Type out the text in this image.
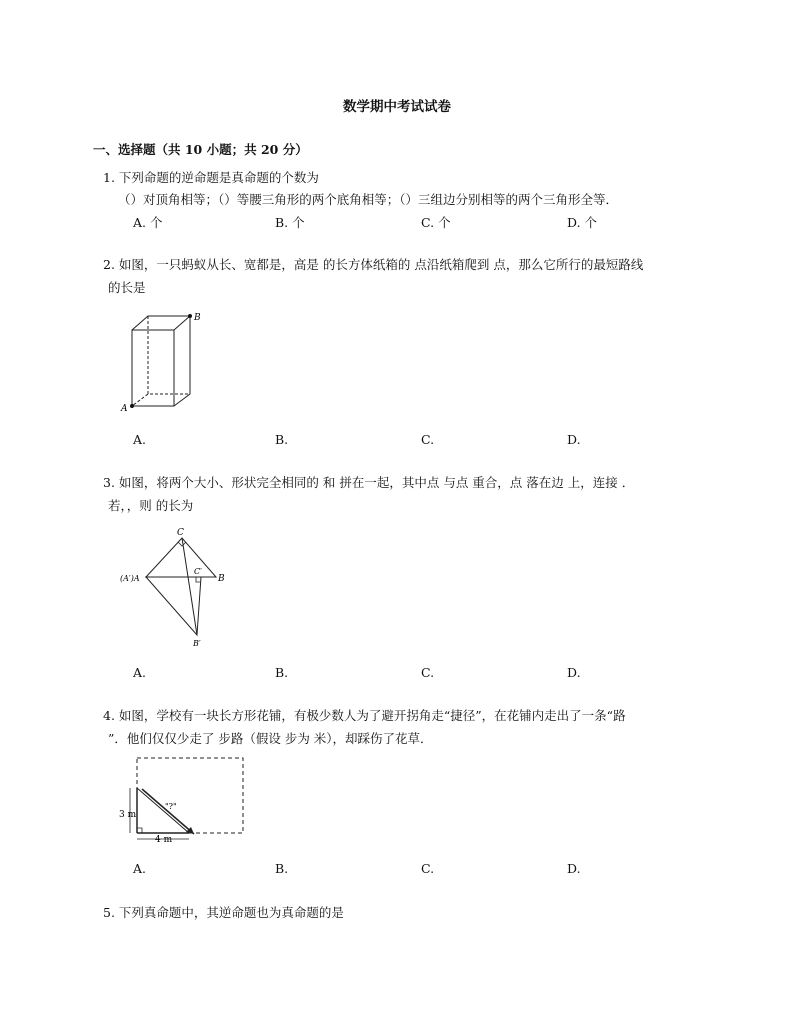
数学期中考试试卷
一、选择题（共 10 小题；共 20 分）
1. 下列命题的逆命题是真命题的个数为
（）对顶角相等；（）等腰三角形的两个底角相等；（）三组边分别相等的两个三角形全等．
A. 个	B. 个	C. 个	D. 个
2. 如图，一只蚂蚁从长、宽都是，高是 的长方体纸箱的 点沿纸箱爬到 点，那么它所行的最短路线
的长是
B
A
A.	B.	C.	D.
3. 如图，将两个大小、形状完全相同的 和 拼在一起，其中点 与点 重合，点 落在边 上，连接 ．
若，，则 的长为
C
(A′)A
C′
B
B′
A.	B.	C.	D.
4. 如图，学校有一块长方形花铺，有极少数人为了避开拐角走“捷径”，在花铺内走出了一条“路
”．他们仅仅少走了 步路（假设 步为 米），却踩伤了花草．
3 m
4 m
"?"
A.	B.	C.	D.
5. 下列真命题中，其逆命题也为真命题的是
